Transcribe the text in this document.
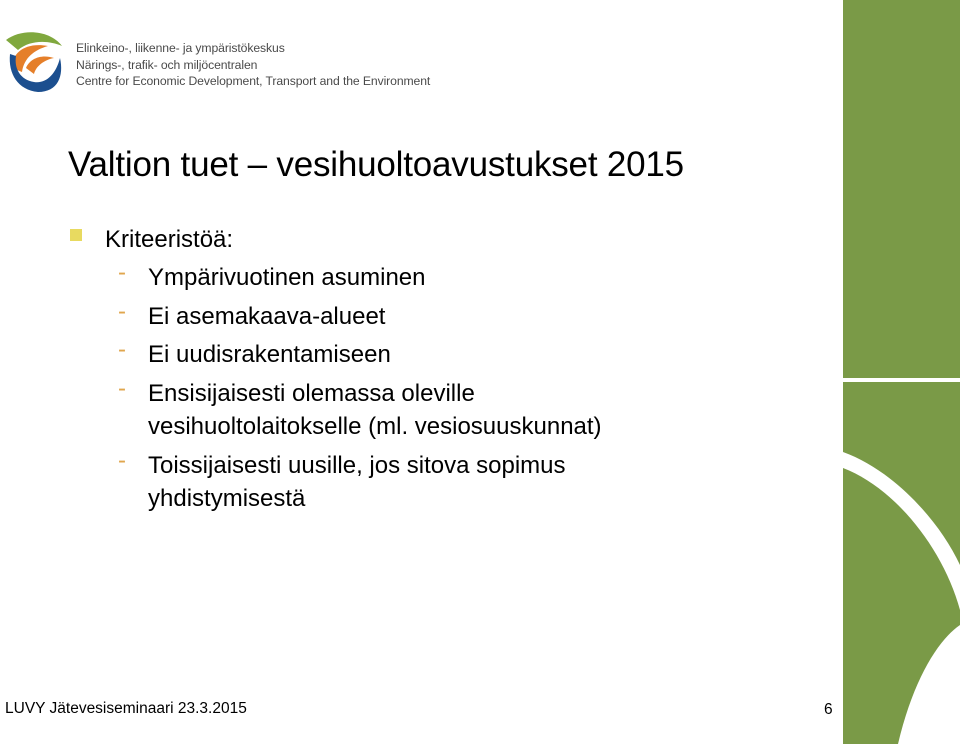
Elinkeino-, liikenne- ja ympäristökeskus
Närings-, trafik- och miljöcentralen
Centre for Economic Development, Transport and the Environment
Valtion tuet – vesihuoltoavustukset 2015
Kriteeristöä:
- Ympärivuotinen asuminen
- Ei asemakaava-alueet
- Ei uudisrakentamiseen
- Ensisijaisesti olemassa oleville
vesihuoltolaitokselle (ml. vesiosuuskunnat)
- Toissijaisesti uusille, jos sitova sopimus
yhdistymisestä
LUVY Jätevesiseminaari 23.3.2015	6
